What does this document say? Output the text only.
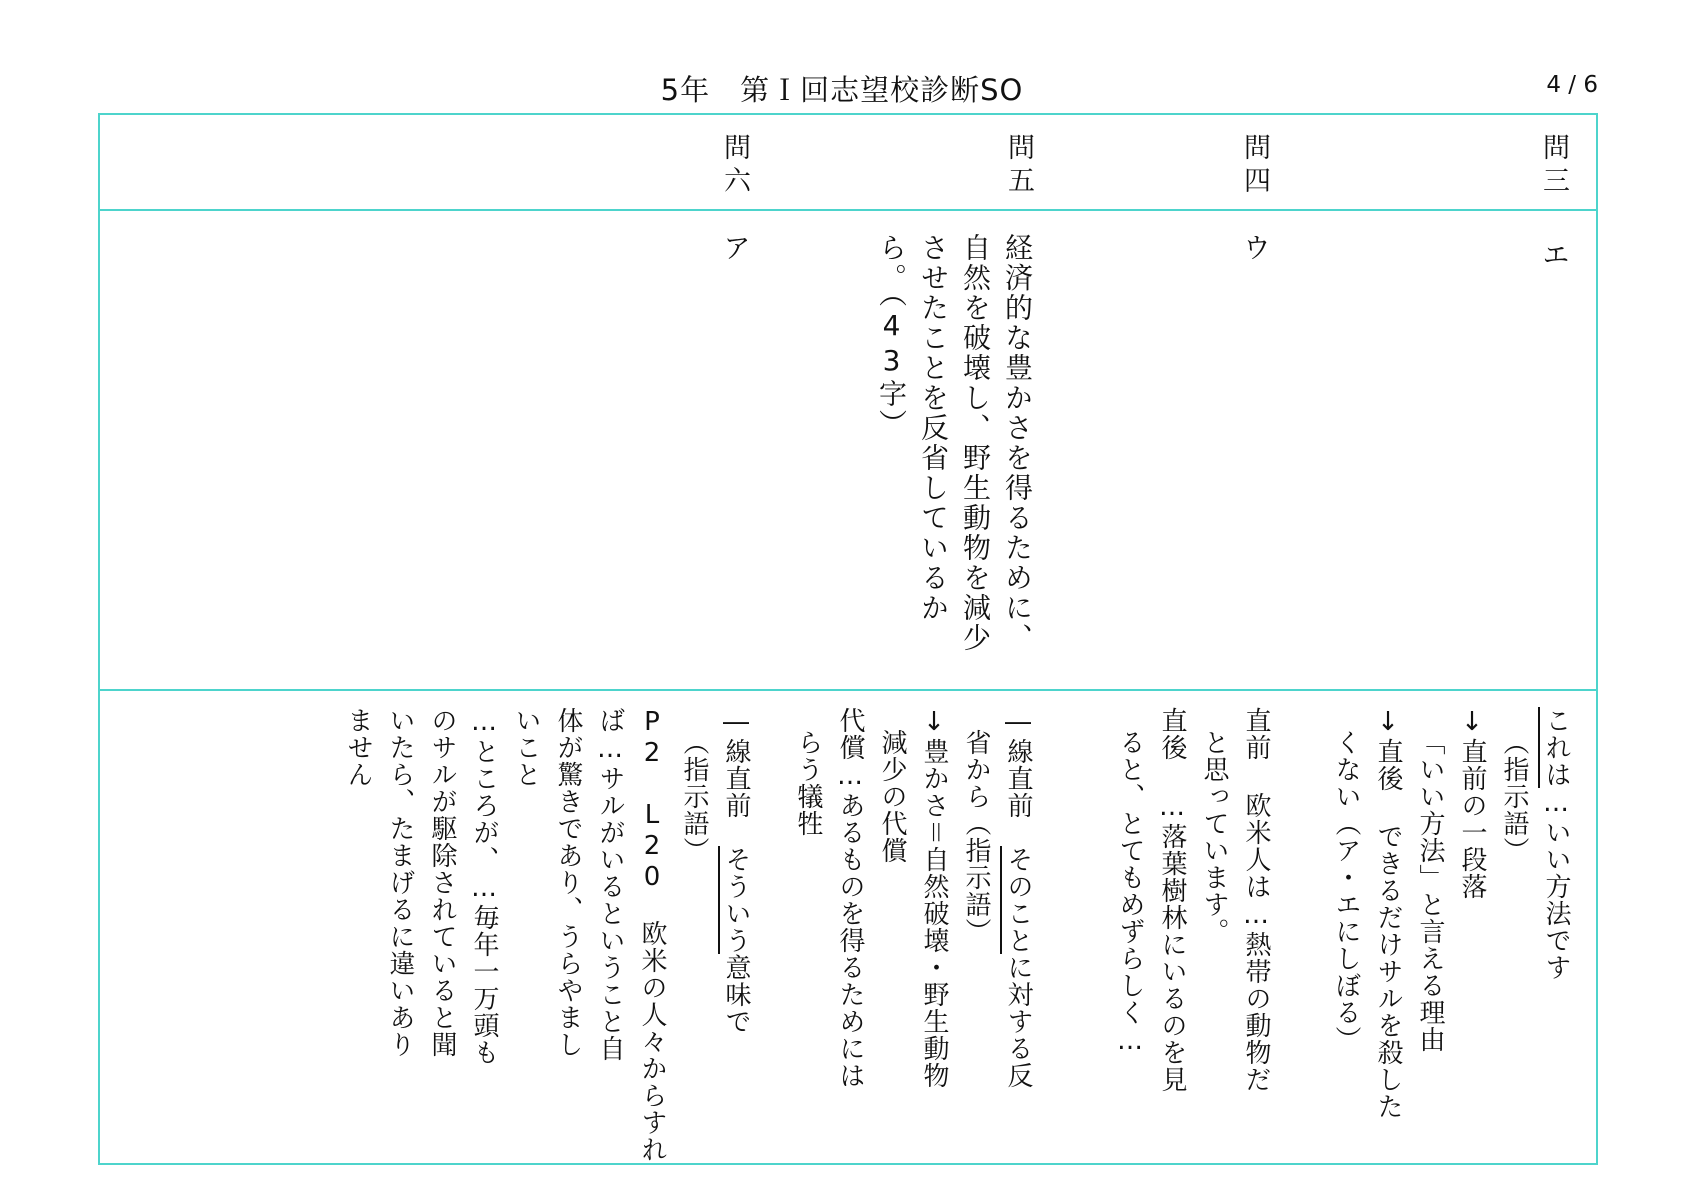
5年　第Ｉ回志望校診断SO	4 / 6
問三
問四
問五
問六
エ
ウ
ア	経済的な豊かさを得るために、
自然を破壊し、野生動物を減少
させたことを反省しているか
ら。（43字）
これは…いい方法です
（指示語）
↓直前の一段落
「いい方法」と言える理由
↓直後 できるだけサルを殺した
くない（ア・エにしぼる）
直前 欧米人は…熱帯の動物だ
と思っています。
直後 …落葉樹林にいるのを見
ると、とてもめずらしく…
―線直前　そのことに対する反
省から（指示語）
↓豊かさ＝自然破壊・野生動物
減少の代償
代償…あるものを得るためには
らう犠牲
―線直前　そういう意味で
（指示語）
P2 L20　欧米の人々からすれ
ば…サルがいるということ自
体が驚きであり、うらやまし
いこと
…ところが、…毎年一万頭も
のサルが駆除されていると聞
いたら、たまげるに違いあり
ません
